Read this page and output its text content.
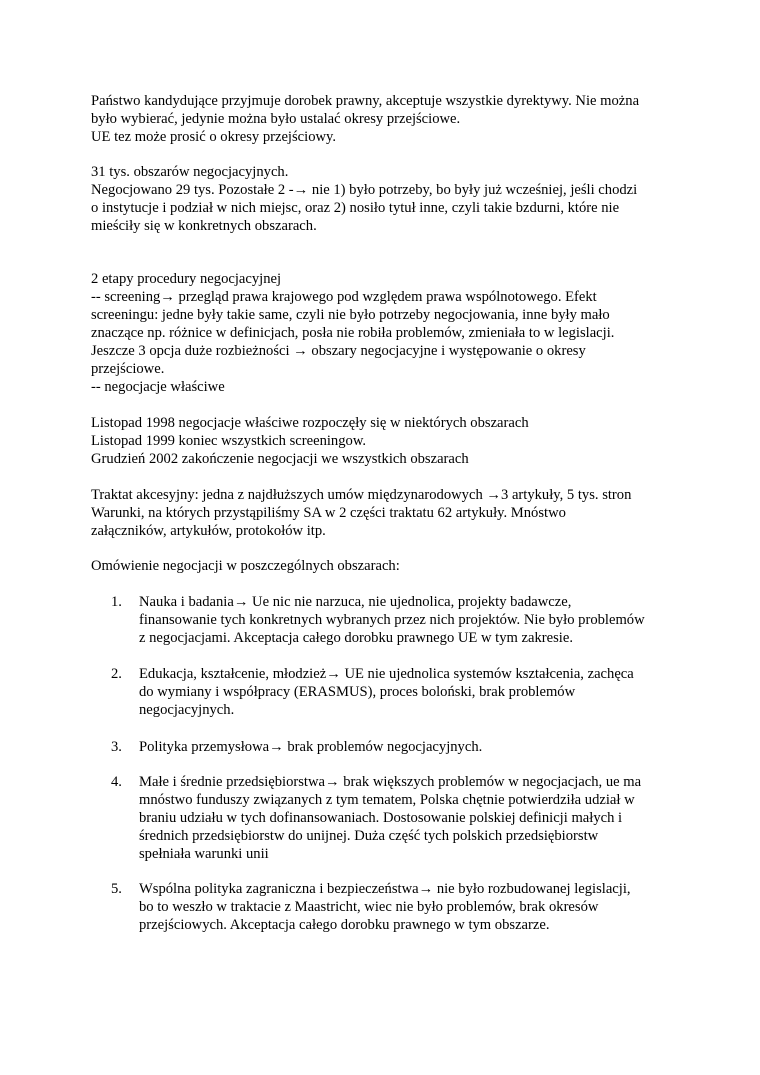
Państwo kandydujące przyjmuje dorobek prawny, akceptuje wszystkie dyrektywy. Nie można
było wybierać, jedynie można było ustalać okresy przejściowe.
UE tez może prosić o okresy przejściowy.
31 tys. obszarów negocjacyjnych.
Negocjowano 29 tys. Pozostałe 2 -→ nie 1) było potrzeby, bo były już wcześniej, jeśli chodzi
o instytucje i podział w nich miejsc, oraz 2) nosiło tytuł inne, czyli takie bzdurni, które nie
mieściły się w konkretnych obszarach.
2 etapy procedury negocjacyjnej
-- screening→ przegląd prawa krajowego pod względem prawa wspólnotowego. Efekt
screeningu: jedne były takie same, czyli nie było potrzeby negocjowania, inne były mało
znaczące np. różnice w definicjach, posła nie robiła problemów, zmieniała to w legislacji.
Jeszcze 3 opcja duże rozbieżności → obszary negocjacyjne i występowanie o okresy
przejściowe.
-- negocjacje właściwe
Listopad 1998 negocjacje właściwe rozpoczęły się w niektórych obszarach
Listopad 1999 koniec wszystkich screeningow.
Grudzień 2002 zakończenie negocjacji we wszystkich obszarach
Traktat akcesyjny: jedna z najdłuższych umów międzynarodowych →3 artykuły, 5 tys. stron
Warunki, na których przystąpiliśmy SA w 2 części traktatu 62 artykuły. Mnóstwo
załączników, artykułów, protokołów itp.
Omówienie negocjacji w poszczególnych obszarach:
1. Nauka i badania→ Ue nic nie narzuca, nie ujednolica, projekty badawcze,
finansowanie tych konkretnych wybranych przez nich projektów. Nie było problemów
z negocjacjami. Akceptacja całego dorobku prawnego UE w tym zakresie.
2. Edukacja, kształcenie, młodzież→ UE nie ujednolica systemów kształcenia, zachęca
do wymiany i współpracy (ERASMUS), proces boloński, brak problemów
negocjacyjnych.
3. Polityka przemysłowa→ brak problemów negocjacyjnych.
4. Małe i średnie przedsiębiorstwa→ brak większych problemów w negocjacjach, ue ma
mnóstwo funduszy związanych z tym tematem, Polska chętnie potwierdziła udział w
braniu udziału w tych dofinansowaniach. Dostosowanie polskiej definicji małych i
średnich przedsiębiorstw do unijnej. Duża część tych polskich przedsiębiorstw
spełniała warunki unii
5. Wspólna polityka zagraniczna i bezpieczeństwa→ nie było rozbudowanej legislacji,
bo to weszło w traktacie z Maastricht, wiec nie było problemów, brak okresów
przejściowych. Akceptacja całego dorobku prawnego w tym obszarze.
